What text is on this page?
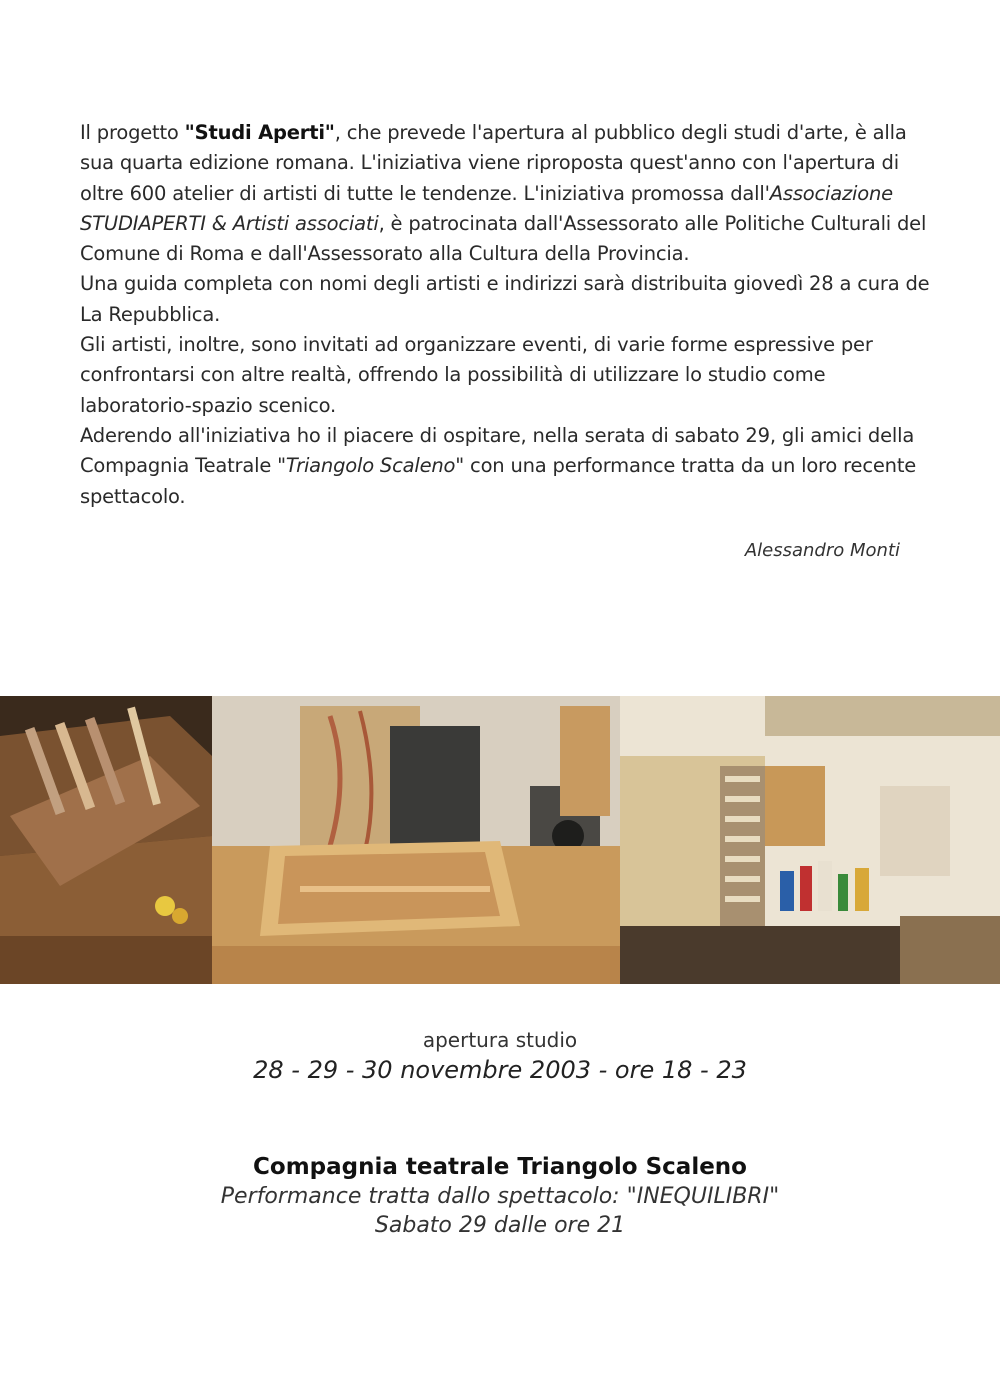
Il progetto "Studi Aperti", che prevede l'apertura al pubblico degli studi d'arte, è alla sua quarta edizione romana. L'iniziativa viene riproposta quest'anno con l'apertura di oltre 600 atelier di artisti di tutte le tendenze. L'iniziativa promossa dall'Associazione STUDIAPERTI & Artisti associati, è patrocinata dall'Assessorato alle Politiche Culturali del Comune di Roma e dall'Assessorato alla Cultura della Provincia.

Una guida completa con nomi degli artisti e indirizzi sarà distribuita giovedì 28 a cura de La Repubblica.

Gli artisti, inoltre, sono invitati ad organizzare eventi, di varie forme espressive per confrontarsi con altre realtà, offrendo la possibilità di utilizzare lo studio come laboratorio-spazio scenico.

Aderendo all'iniziativa ho il piacere di ospitare, nella serata di sabato 29, gli amici della Compagnia Teatrale "Triangolo Scaleno" con una performance tratta da un loro recente spettacolo.

Alessandro Monti
apertura studio
28 - 29 - 30 novembre 2003 - ore 18 - 23
Compagnia teatrale Triangolo Scaleno
Performance tratta dallo spettacolo: "INEQUILIBRI"
Sabato 29 dalle ore 21
